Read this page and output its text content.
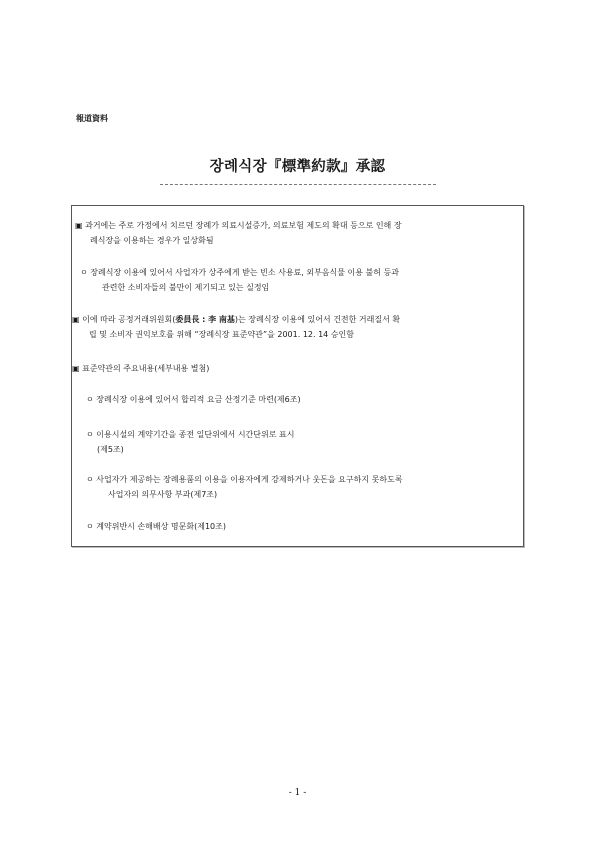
報道資料
장례식장『標準約款』承認
▣ 과거에는 주로 가정에서 치르던 장례가 의료시설증가, 의료보험 제도의 확대 등으로 인해 장
례식장을 이용하는 경우가 일상화됨
ㅇ 장례식장 이용에 있어서 사업자가 상주에게 받는 빈소 사용료, 외부음식물 이용 불허 등과
관련한 소비자들의 불만이 제기되고 있는 실정임
▣ 이에 따라 공정거래위원회(委員長 : 李 南基)는 장례식장 이용에 있어서 건전한 거래질서 확
립 및 소비자 권익보호를 위해 “장례식장 표준약관”을 2001. 12. 14 승인함
▣ 표준약관의 주요내용(세부내용 별첨)
ㅇ 장례식장 이용에 있어서 합리적 요금 산정기준 마련(제6조)
ㅇ 이용시설의 계약기간을 종전 일단위에서 시간단위로 표시
(제5조)
ㅇ 사업자가 제공하는 장례용품의 이용을 이용자에게 강제하거나 웃돈을 요구하지 못하도록
사업자의 의무사항 부과(제7조)
ㅇ 계약위반시 손해배상 명문화(제10조)
- 1 -
